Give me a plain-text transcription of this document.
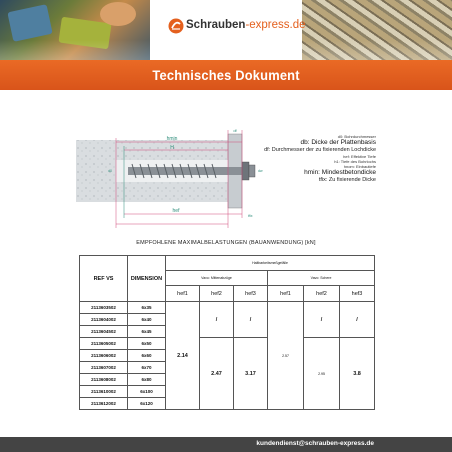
Schrauben-express.de
Technisches Dokument
hmin
H
hef
tfix
df
d0	dw
d0: Bohrdurchmesser
db: Dicke der Plattenbasis
df: Durchmesser der zu fixierenden Lochdicke
hef: Effektive Tiefe
h1: Tiefe des Bohrlochs
hnom: Einbautiefe
hmin: Mindestbetondicke
tfix: Zu fixierende Dicke
EMPFOHLENE MAXIMALBELASTUNGEN (BAUANWENDUNG) [kN]
REF VS	DIMENSION	Haltbarkeitsmeßgefälle					
		Vavo: Mittenabzüge			Vavo: Schere		
		hef1	hef2	hef3	hef1	hef2	hef3
2113603502	6x35	2.14	/	/	2.57	/	/
2113604002	6x40						
2113604502	6x45						
2113605002	6x50		2.47	3.17		2.95	3.8
2113606002	6x60						
2113607002	6x70						
2113608002	6x80						
2113610002	6x100						
2113612002	6x120						
kundendienst@schrauben-express.de
